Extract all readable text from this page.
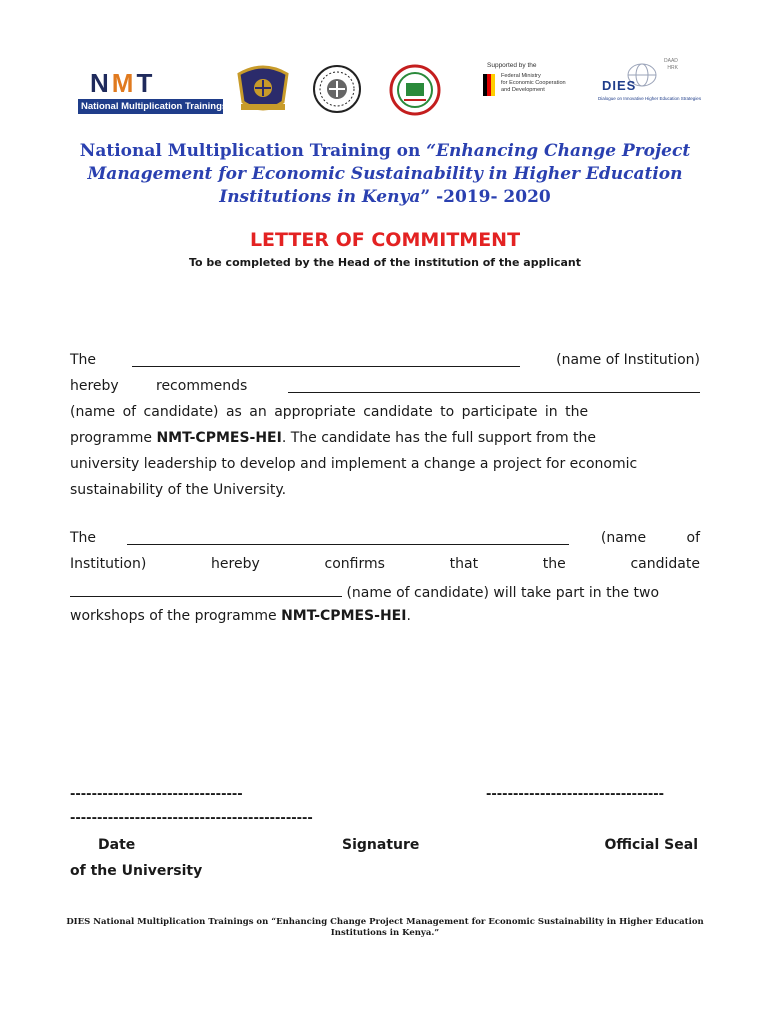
NMT
National Multiplication Trainings
Supported by the
Federal Ministry
for Economic Cooperation
and Development
DAAD
HRK
DIES
Dialogue on Innovative Higher Education Strategies
National Multiplication Training on “Enhancing Change Project Management for Economic Sustainability in Higher Education Institutions in Kenya” -2019- 2020
LETTER OF COMMITMENT
To be completed by the Head of the institution of the applicant
The	(name of Institution)
hereby	recommends
(name of candidate) as an appropriate candidate to participate in the
programme NMT-CPMES-HEI. The candidate has the full support from the
university leadership to develop and implement a change a project for economic
sustainability of the University.
The	(name of
Institution)	hereby	confirms	that	the	candidate
(name of candidate) will take part in the two
workshops of the programme NMT-CPMES-HEI.
--------------------------------	---------------------------------
---------------------------------------------
Date	Signature	Official Seal
of the University
DIES National Multiplication Trainings on “Enhancing Change Project Management for Economic Sustainability in Higher Education Institutions in Kenya.”
